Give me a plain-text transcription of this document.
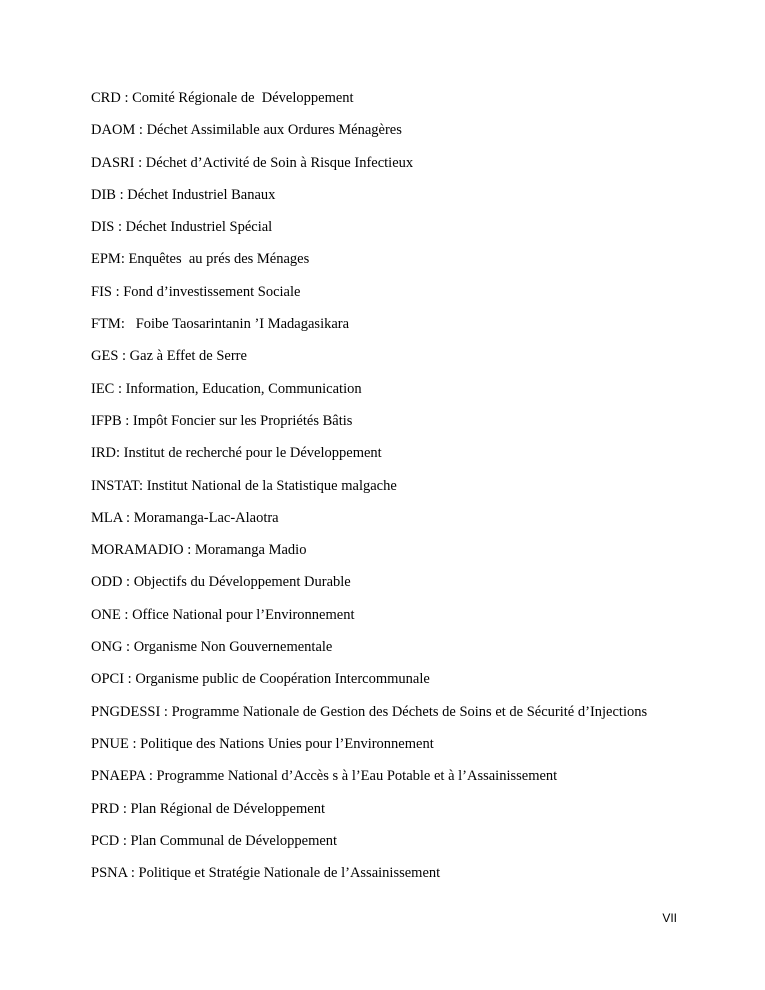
CRD : Comité Régionale de  Développement
DAOM : Déchet Assimilable aux Ordures Ménagères
DASRI : Déchet d’Activité de Soin à Risque Infectieux
DIB : Déchet Industriel Banaux
DIS : Déchet Industriel Spécial
EPM: Enquêtes  au prés des Ménages
FIS : Fond d’investissement Sociale
FTM:   Foibe Taosarintanin ’I Madagasikara
GES : Gaz à Effet de Serre
IEC : Information, Education, Communication
IFPB : Impôt Foncier sur les Propriétés Bâtis
IRD: Institut de recherché pour le Développement
INSTAT: Institut National de la Statistique malgache
MLA : Moramanga-Lac-Alaotra
MORAMADIO : Moramanga Madio
ODD : Objectifs du Développement Durable
ONE : Office National pour l’Environnement
ONG : Organisme Non Gouvernementale
OPCI : Organisme public de Coopération Intercommunale
PNGDESSI : Programme Nationale de Gestion des Déchets de Soins et de Sécurité d’Injections
PNUE : Politique des Nations Unies pour l’Environnement
PNAEPA : Programme National d’Accès s à l’Eau Potable et à l’Assainissement
PRD : Plan Régional de Développement
PCD : Plan Communal de Développement
PSNA : Politique et Stratégie Nationale de l’Assainissement
VII
